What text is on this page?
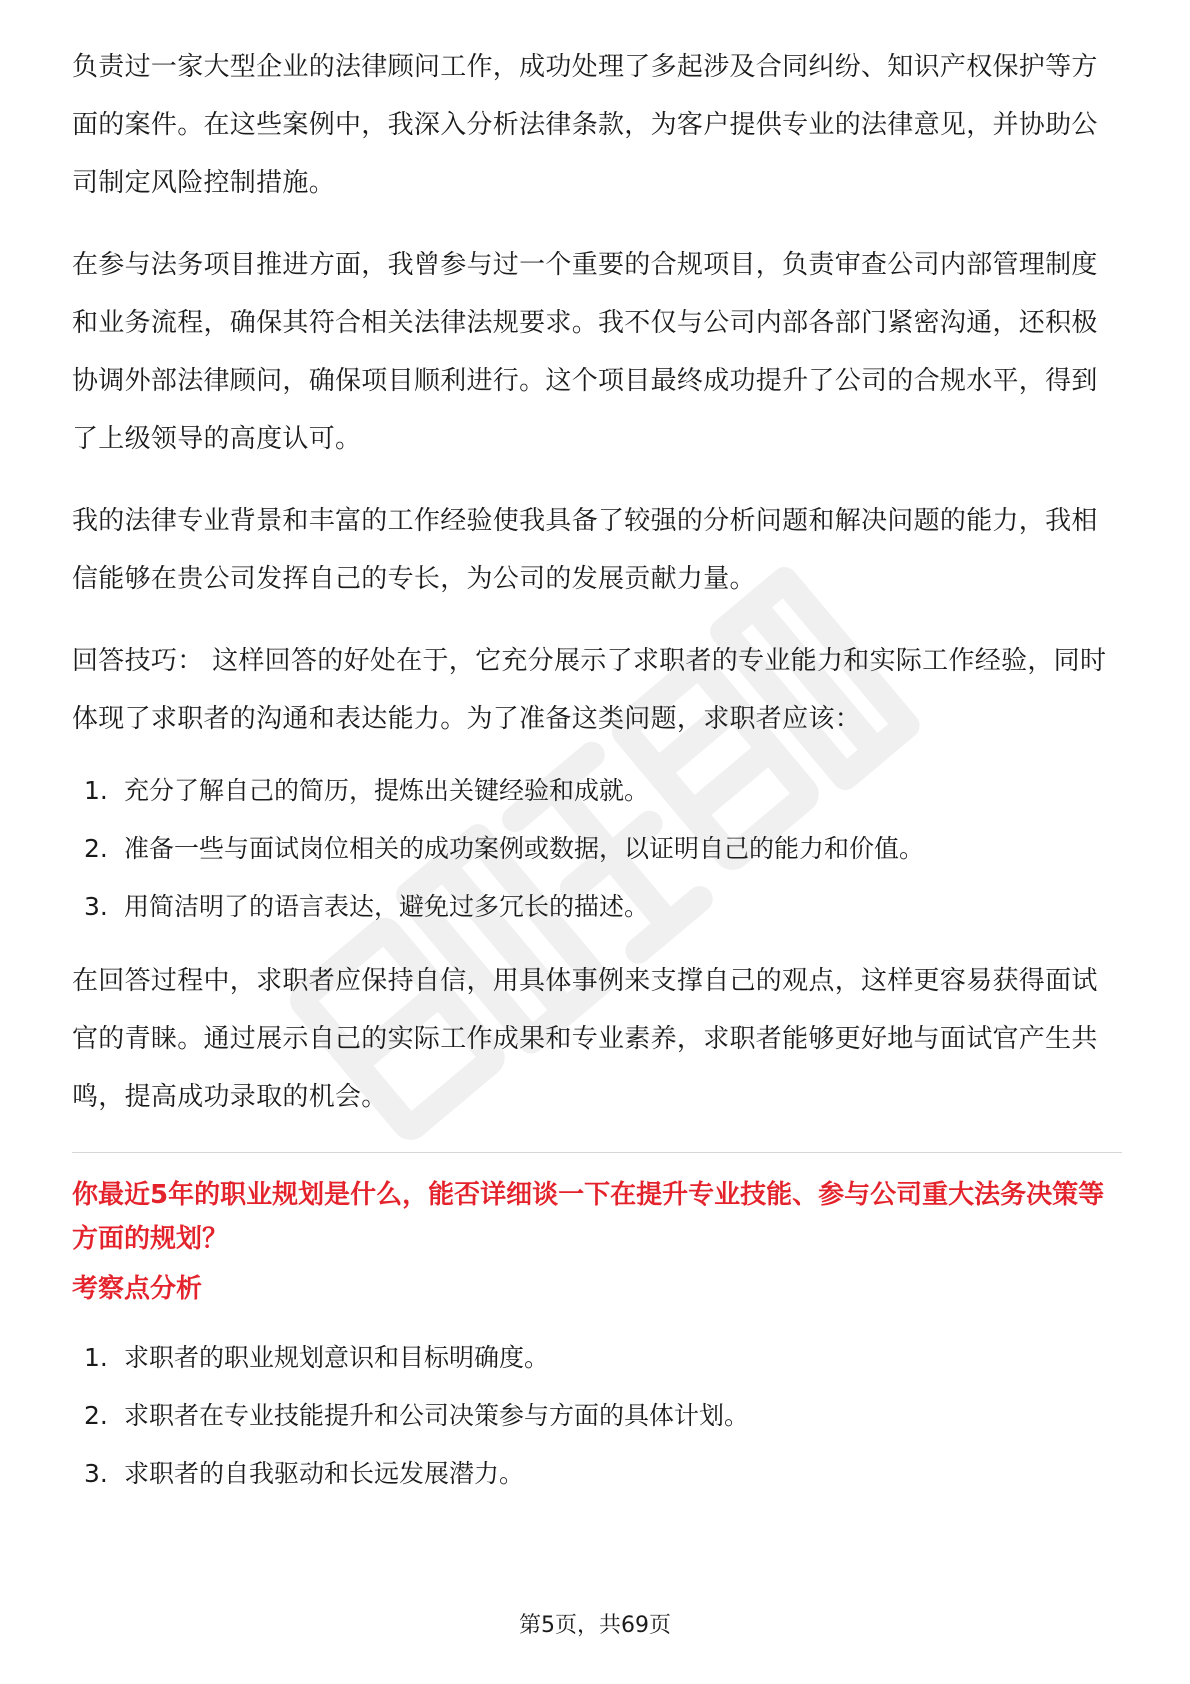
负责过一家大型企业的法律顾问工作，成功处理了多起涉及合同纠纷、知识产权保护等方面的案件。在这些案例中，我深入分析法律条款，为客户提供专业的法律意见，并协助公司制定风险控制措施。

在参与法务项目推进方面，我曾参与过一个重要的合规项目，负责审查公司内部管理制度和业务流程，确保其符合相关法律法规要求。我不仅与公司内部各部门紧密沟通，还积极协调外部法律顾问，确保项目顺利进行。这个项目最终成功提升了公司的合规水平，得到了上级领导的高度认可。

我的法律专业背景和丰富的工作经验使我具备了较强的分析问题和解决问题的能力，我相信能够在贵公司发挥自己的专长，为公司的发展贡献力量。

回答技巧： 这样回答的好处在于，它充分展示了求职者的专业能力和实际工作经验，同时体现了求职者的沟通和表达能力。为了准备这类问题，求职者应该：

1. 充分了解自己的简历，提炼出关键经验和成就。
2. 准备一些与面试岗位相关的成功案例或数据，以证明自己的能力和价值。
3. 用简洁明了的语言表达，避免过多冗长的描述。

在回答过程中，求职者应保持自信，用具体事例来支撑自己的观点，这样更容易获得面试官的青睐。通过展示自己的实际工作成果和专业素养，求职者能够更好地与面试官产生共鸣，提高成功录取的机会。

你最近5年的职业规划是什么，能否详细谈一下在提升专业技能、参与公司重大法务决策等方面的规划？

考察点分析

1. 求职者的职业规划意识和目标明确度。
2. 求职者在专业技能提升和公司决策参与方面的具体计划。
3. 求职者的自我驱动和长远发展潜力。
第5页，共69页
